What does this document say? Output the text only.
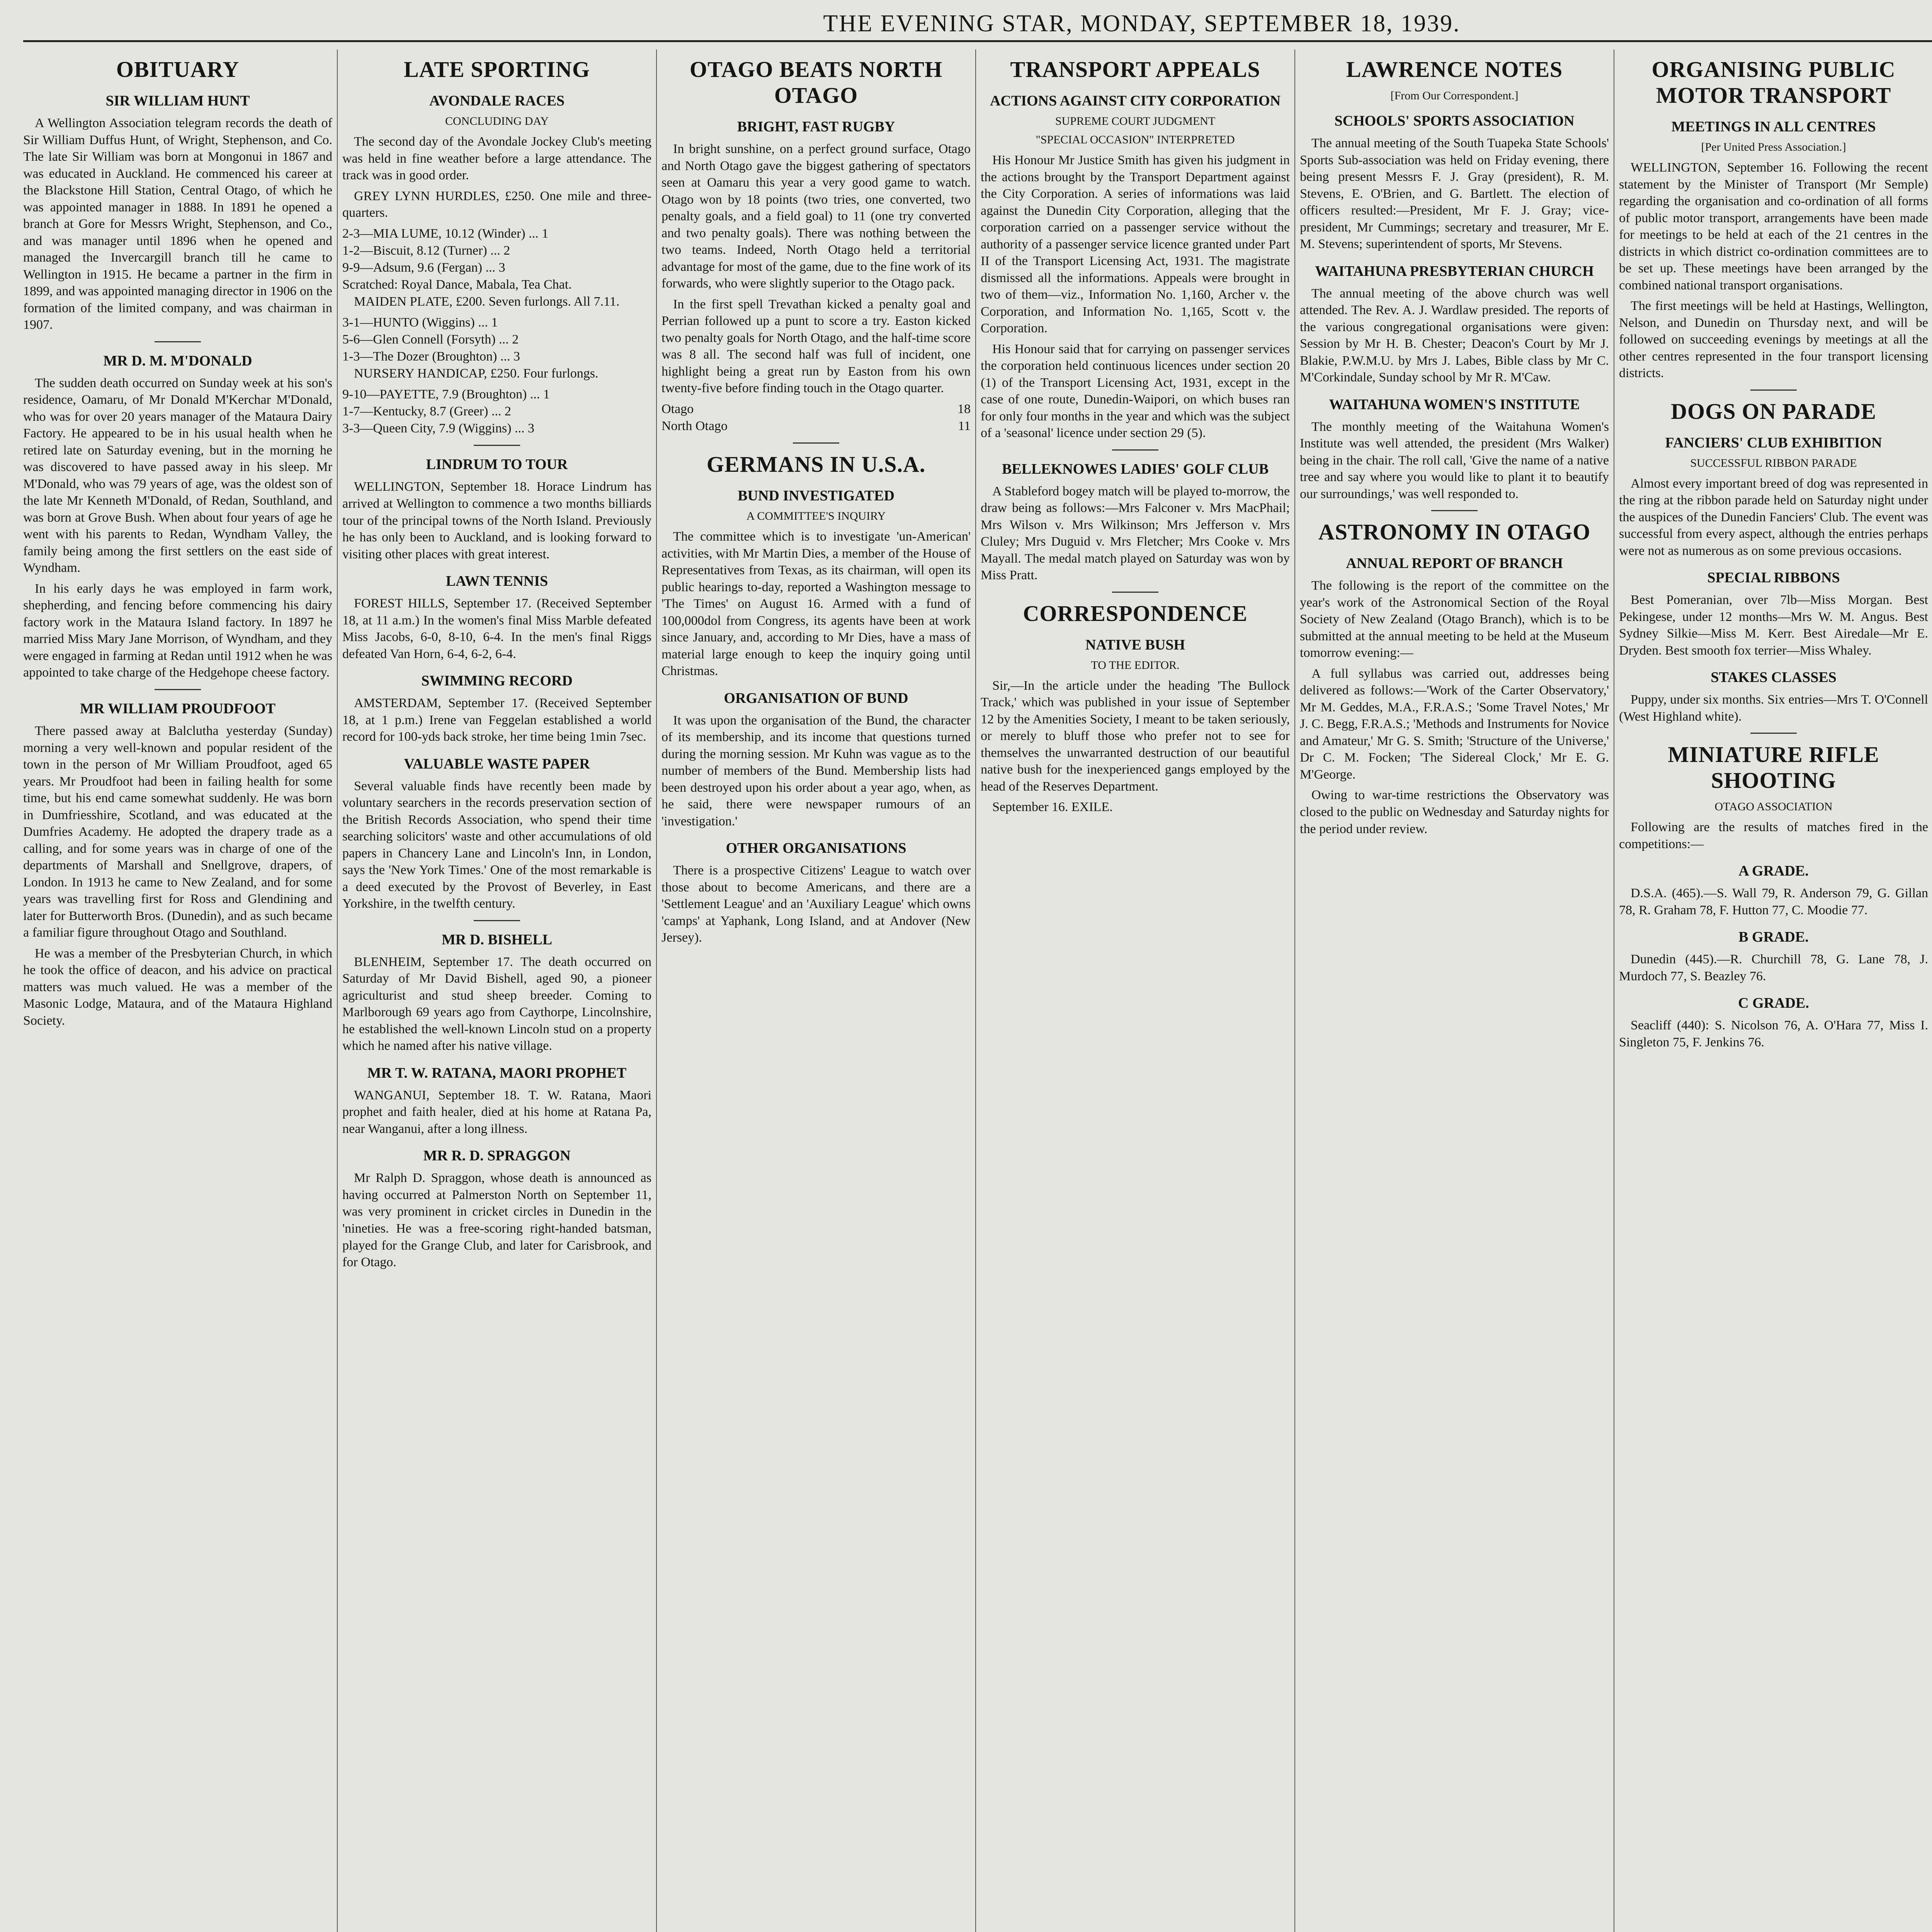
THE EVENING STAR, MONDAY, SEPTEMBER 18, 1939.
OBITUARY
SIR WILLIAM HUNT

A Wellington Association telegram records the death of Sir William Duffus Hunt, of Wright, Stephenson, and Co. The late Sir William was born at Mongonui in 1867 and was educated in Auckland. He commenced his career at the Blackstone Hill Station, Central Otago, of which he was appointed manager in 1888. In 1891 he opened a branch at Gore for Messrs Wright, Stephenson, and Co., and was manager until 1896 when he opened and managed the Invercargill branch till he came to Wellington in 1915. He became a partner in the firm in 1899, and was appointed managing director in 1906 on the formation of the limited company, and was chairman in 1907.

MR D. M. M'DONALD

The sudden death occurred on Sunday week at his son's residence, Oamaru, of Mr Donald M'Kerchar M'Donald, who was for over 20 years manager of the Mataura Dairy Factory. He appeared to be in his usual health when he retired late on Saturday evening, but in the morning he was discovered to have passed away in his sleep. Mr M'Donald, who was 79 years of age, was the oldest son of the late Mr Kenneth M'Donald, of Redan, Southland, and was born at Grove Bush. When about four years of age he went with his parents to Redan, Wyndham Valley, the family being among the first settlers on the east side of Wyndham.

In his early days he was employed in farm work, shepherding, and fencing before commencing his dairy factory work in the Mataura Island factory. In 1897 he married Miss Mary Jane Morrison, of Wyndham, and they were engaged in farming at Redan until 1912 when he was appointed to take charge of the Hedgehope cheese factory.

MR WILLIAM PROUDFOOT

There passed away at Balclutha yesterday (Sunday) morning a very well-known and popular resident of the town in the person of Mr William Proudfoot, aged 65 years. Mr Proudfoot had been in failing health for some time, but his end came somewhat suddenly. He was born in Dumfriesshire, Scotland, and was educated at the Dumfries Academy. He adopted the drapery trade as a calling, and for some years was in charge of one of the departments of Marshall and Snellgrove, drapers, of London. In 1913 he came to New Zealand, and for some years was travelling first for Ross and Glendining and later for Butterworth Bros. (Dunedin), and as such became a familiar figure throughout Otago and Southland.

He was a member of the Presbyterian Church, in which he took the office of deacon, and his advice on practical matters was much valued. He was a member of the Masonic Lodge, Mataura, and of the Mataura Highland Society.

LATE SPORTING
AVONDALE RACES
CONCLUDING DAY

The second day of the Avondale Jockey Club's meeting was held in fine weather before a large attendance. The track was in good order.

GREY LYNN HURDLES, £250. One mile and three-quarters.

2-3—MIA LUME, 10.12 (Winder) ... 1
1-2—Biscuit, 8.12 (Turner) ... 2
9-9—Adsum, 9.6 (Fergan) ... 3
Scratched: Royal Dance, Mabala, Tea Chat.

MAIDEN PLATE, £200. Seven furlongs. All 7.11.

3-1—HUNTO (Wiggins) ... 1
5-6—Glen Connell (Forsyth) ... 2
1-3—The Dozer (Broughton) ... 3

NURSERY HANDICAP, £250. Four furlongs.

9-10—PAYETTE, 7.9 (Broughton) ... 1
1-7—Kentucky, 8.7 (Greer) ... 2
3-3—Queen City, 7.9 (Wiggins) ... 3
LINDRUM TO TOUR

WELLINGTON, September 18. Horace Lindrum has arrived at Wellington to commence a two months billiards tour of the principal towns of the North Island. Previously he has only been to Auckland, and is looking forward to visiting other places with great interest.

LAWN TENNIS

FOREST HILLS, September 17. (Received September 18, at 11 a.m.) In the women's final Miss Marble defeated Miss Jacobs, 6-0, 8-10, 6-4. In the men's final Riggs defeated Van Horn, 6-4, 6-2, 6-4.

SWIMMING RECORD

AMSTERDAM, September 17. (Received September 18, at 1 p.m.) Irene van Feggelan established a world record for 100-yds back stroke, her time being 1min 7sec.

VALUABLE WASTE PAPER

Several valuable finds have recently been made by voluntary searchers in the records preservation section of the British Records Association, who spend their time searching solicitors' waste and other accumulations of old papers in Chancery Lane and Lincoln's Inn, in London, says the 'New York Times.' One of the most remarkable is a deed executed by the Provost of Beverley, in East Yorkshire, in the twelfth century.

MR D. BISHELL

BLENHEIM, September 17. The death occurred on Saturday of Mr David Bishell, aged 90, a pioneer agriculturist and stud sheep breeder. Coming to Marlborough 69 years ago from Caythorpe, Lincolnshire, he established the well-known Lincoln stud on a property which he named after his native village.

MR T. W. RATANA, MAORI PROPHET

WANGANUI, September 18. T. W. Ratana, Maori prophet and faith healer, died at his home at Ratana Pa, near Wanganui, after a long illness.

MR R. D. SPRAGGON

Mr Ralph D. Spraggon, whose death is announced as having occurred at Palmerston North on September 11, was very prominent in cricket circles in Dunedin in the 'nineties. He was a free-scoring right-handed batsman, played for the Grange Club, and later for Carisbrook, and for Otago.

OTAGO BEATS NORTH OTAGO
BRIGHT, FAST RUGBY

In bright sunshine, on a perfect ground surface, Otago and North Otago gave the biggest gathering of spectators seen at Oamaru this year a very good game to watch. Otago won by 18 points (two tries, one converted, two penalty goals, and a field goal) to 11 (one try converted and two penalty goals). There was nothing between the two teams. Indeed, North Otago held a territorial advantage for most of the game, due to the fine work of its forwards, who were slightly superior to the Otago pack.

In the first spell Trevathan kicked a penalty goal and Perrian followed up a punt to score a try. Easton kicked two penalty goals for North Otago, and the half-time score was 8 all. The second half was full of incident, one highlight being a great run by Easton from his own twenty-five before finding touch in the Otago quarter.

Otago	18
North Otago	11
GERMANS IN U.S.A.
BUND INVESTIGATED
A COMMITTEE'S INQUIRY

The committee which is to investigate 'un-American' activities, with Mr Martin Dies, a member of the House of Representatives from Texas, as its chairman, will open its public hearings to-day, reported a Washington message to 'The Times' on August 16. Armed with a fund of 100,000dol from Congress, its agents have been at work since January, and, according to Mr Dies, have a mass of material large enough to keep the inquiry going until Christmas.

ORGANISATION OF BUND

It was upon the organisation of the Bund, the character of its membership, and its income that questions turned during the morning session. Mr Kuhn was vague as to the number of members of the Bund. Membership lists had been destroyed upon his order about a year ago, when, as he said, there were newspaper rumours of an 'investigation.'

OTHER ORGANISATIONS

There is a prospective Citizens' League to watch over those about to become Americans, and there are a 'Settlement League' and an 'Auxiliary League' which owns 'camps' at Yaphank, Long Island, and at Andover (New Jersey).

TRANSPORT APPEALS
ACTIONS AGAINST CITY CORPORATION
SUPREME COURT JUDGMENT
"SPECIAL OCCASION" INTERPRETED

His Honour Mr Justice Smith has given his judgment in the actions brought by the Transport Department against the City Corporation. A series of informations was laid against the Dunedin City Corporation, alleging that the corporation carried on a passenger service without the authority of a passenger service licence granted under Part II of the Transport Licensing Act, 1931. The magistrate dismissed all the informations. Appeals were brought in two of them—viz., Information No. 1,160, Archer v. the Corporation, and Information No. 1,165, Scott v. the Corporation.

His Honour said that for carrying on passenger services the corporation held continuous licences under section 20 (1) of the Transport Licensing Act, 1931, except in the case of one route, Dunedin-Waipori, on which buses ran for only four months in the year and which was the subject of a 'seasonal' licence under section 29 (5).

BELLEKNOWES LADIES' GOLF CLUB

A Stableford bogey match will be played to-morrow, the draw being as follows:—Mrs Falconer v. Mrs MacPhail; Mrs Wilson v. Mrs Wilkinson; Mrs Jefferson v. Mrs Cluley; Mrs Duguid v. Mrs Fletcher; Mrs Cooke v. Mrs Mayall. The medal match played on Saturday was won by Miss Pratt.

CORRESPONDENCE
NATIVE BUSH
TO THE EDITOR.

Sir,—In the article under the heading 'The Bullock Track,' which was published in your issue of September 12 by the Amenities Society, I meant to be taken seriously, or merely to bluff those who prefer not to see for themselves the unwarranted destruction of our beautiful native bush for the inexperienced gangs employed by the head of the Reserves Department.

September 16. EXILE.

LAWRENCE NOTES
[From Our Correspondent.]
SCHOOLS' SPORTS ASSOCIATION

The annual meeting of the South Tuapeka State Schools' Sports Sub-association was held on Friday evening, there being present Messrs F. J. Gray (president), R. M. Stevens, E. O'Brien, and G. Bartlett. The election of officers resulted:—President, Mr F. J. Gray; vice-president, Mr Cummings; secretary and treasurer, Mr E. M. Stevens; superintendent of sports, Mr Stevens.

WAITAHUNA PRESBYTERIAN CHURCH

The annual meeting of the above church was well attended. The Rev. A. J. Wardlaw presided. The reports of the various congregational organisations were given: Session by Mr H. B. Chester; Deacon's Court by Mr J. Blakie, P.W.M.U. by Mrs J. Labes, Bible class by Mr C. M'Corkindale, Sunday school by Mr R. M'Caw.

WAITAHUNA WOMEN'S INSTITUTE

The monthly meeting of the Waitahuna Women's Institute was well attended, the president (Mrs Walker) being in the chair. The roll call, 'Give the name of a native tree and say where you would like to plant it to beautify our surroundings,' was well responded to.

ASTRONOMY IN OTAGO
ANNUAL REPORT OF BRANCH

The following is the report of the committee on the year's work of the Astronomical Section of the Royal Society of New Zealand (Otago Branch), which is to be submitted at the annual meeting to be held at the Museum tomorrow evening:—

A full syllabus was carried out, addresses being delivered as follows:—'Work of the Carter Observatory,' Mr M. Geddes, M.A., F.R.A.S.; 'Some Travel Notes,' Mr J. C. Begg, F.R.A.S.; 'Methods and Instruments for Novice and Amateur,' Mr G. S. Smith; 'Structure of the Universe,' Dr C. M. Focken; 'The Sidereal Clock,' Mr E. G. M'George.

Owing to war-time restrictions the Observatory was closed to the public on Wednesday and Saturday nights for the period under review.

ORGANISING PUBLIC MOTOR TRANSPORT
MEETINGS IN ALL CENTRES
[Per United Press Association.]

WELLINGTON, September 16. Following the recent statement by the Minister of Transport (Mr Semple) regarding the organisation and co-ordination of all forms of public motor transport, arrangements have been made for meetings to be held at each of the 21 centres in the districts in which district co-ordination committees are to be set up. These meetings have been arranged by the combined national transport organisations.

The first meetings will be held at Hastings, Wellington, Nelson, and Dunedin on Thursday next, and will be followed on succeeding evenings by meetings at all the other centres represented in the four transport licensing districts.

DOGS ON PARADE
FANCIERS' CLUB EXHIBITION
SUCCESSFUL RIBBON PARADE

Almost every important breed of dog was represented in the ring at the ribbon parade held on Saturday night under the auspices of the Dunedin Fanciers' Club. The event was successful from every aspect, although the entries perhaps were not as numerous as on some previous occasions.

SPECIAL RIBBONS

Best Pomeranian, over 7lb—Miss Morgan. Best Pekingese, under 12 months—Mrs W. M. Angus. Best Sydney Silkie—Miss M. Kerr. Best Airedale—Mr E. Dryden. Best smooth fox terrier—Miss Whaley.

STAKES CLASSES

Puppy, under six months. Six entries—Mrs T. O'Connell (West Highland white).

MINIATURE RIFLE SHOOTING
OTAGO ASSOCIATION

Following are the results of matches fired in the competitions:—

A GRADE.

D.S.A. (465).—S. Wall 79, R. Anderson 79, G. Gillan 78, R. Graham 78, F. Hutton 77, C. Moodie 77.

B GRADE.

Dunedin (445).—R. Churchill 78, G. Lane 78, J. Murdoch 77, S. Beazley 76.

C GRADE.

Seacliff (440): S. Nicolson 76, A. O'Hara 77, Miss I. Singleton 75, F. Jenkins 76.
